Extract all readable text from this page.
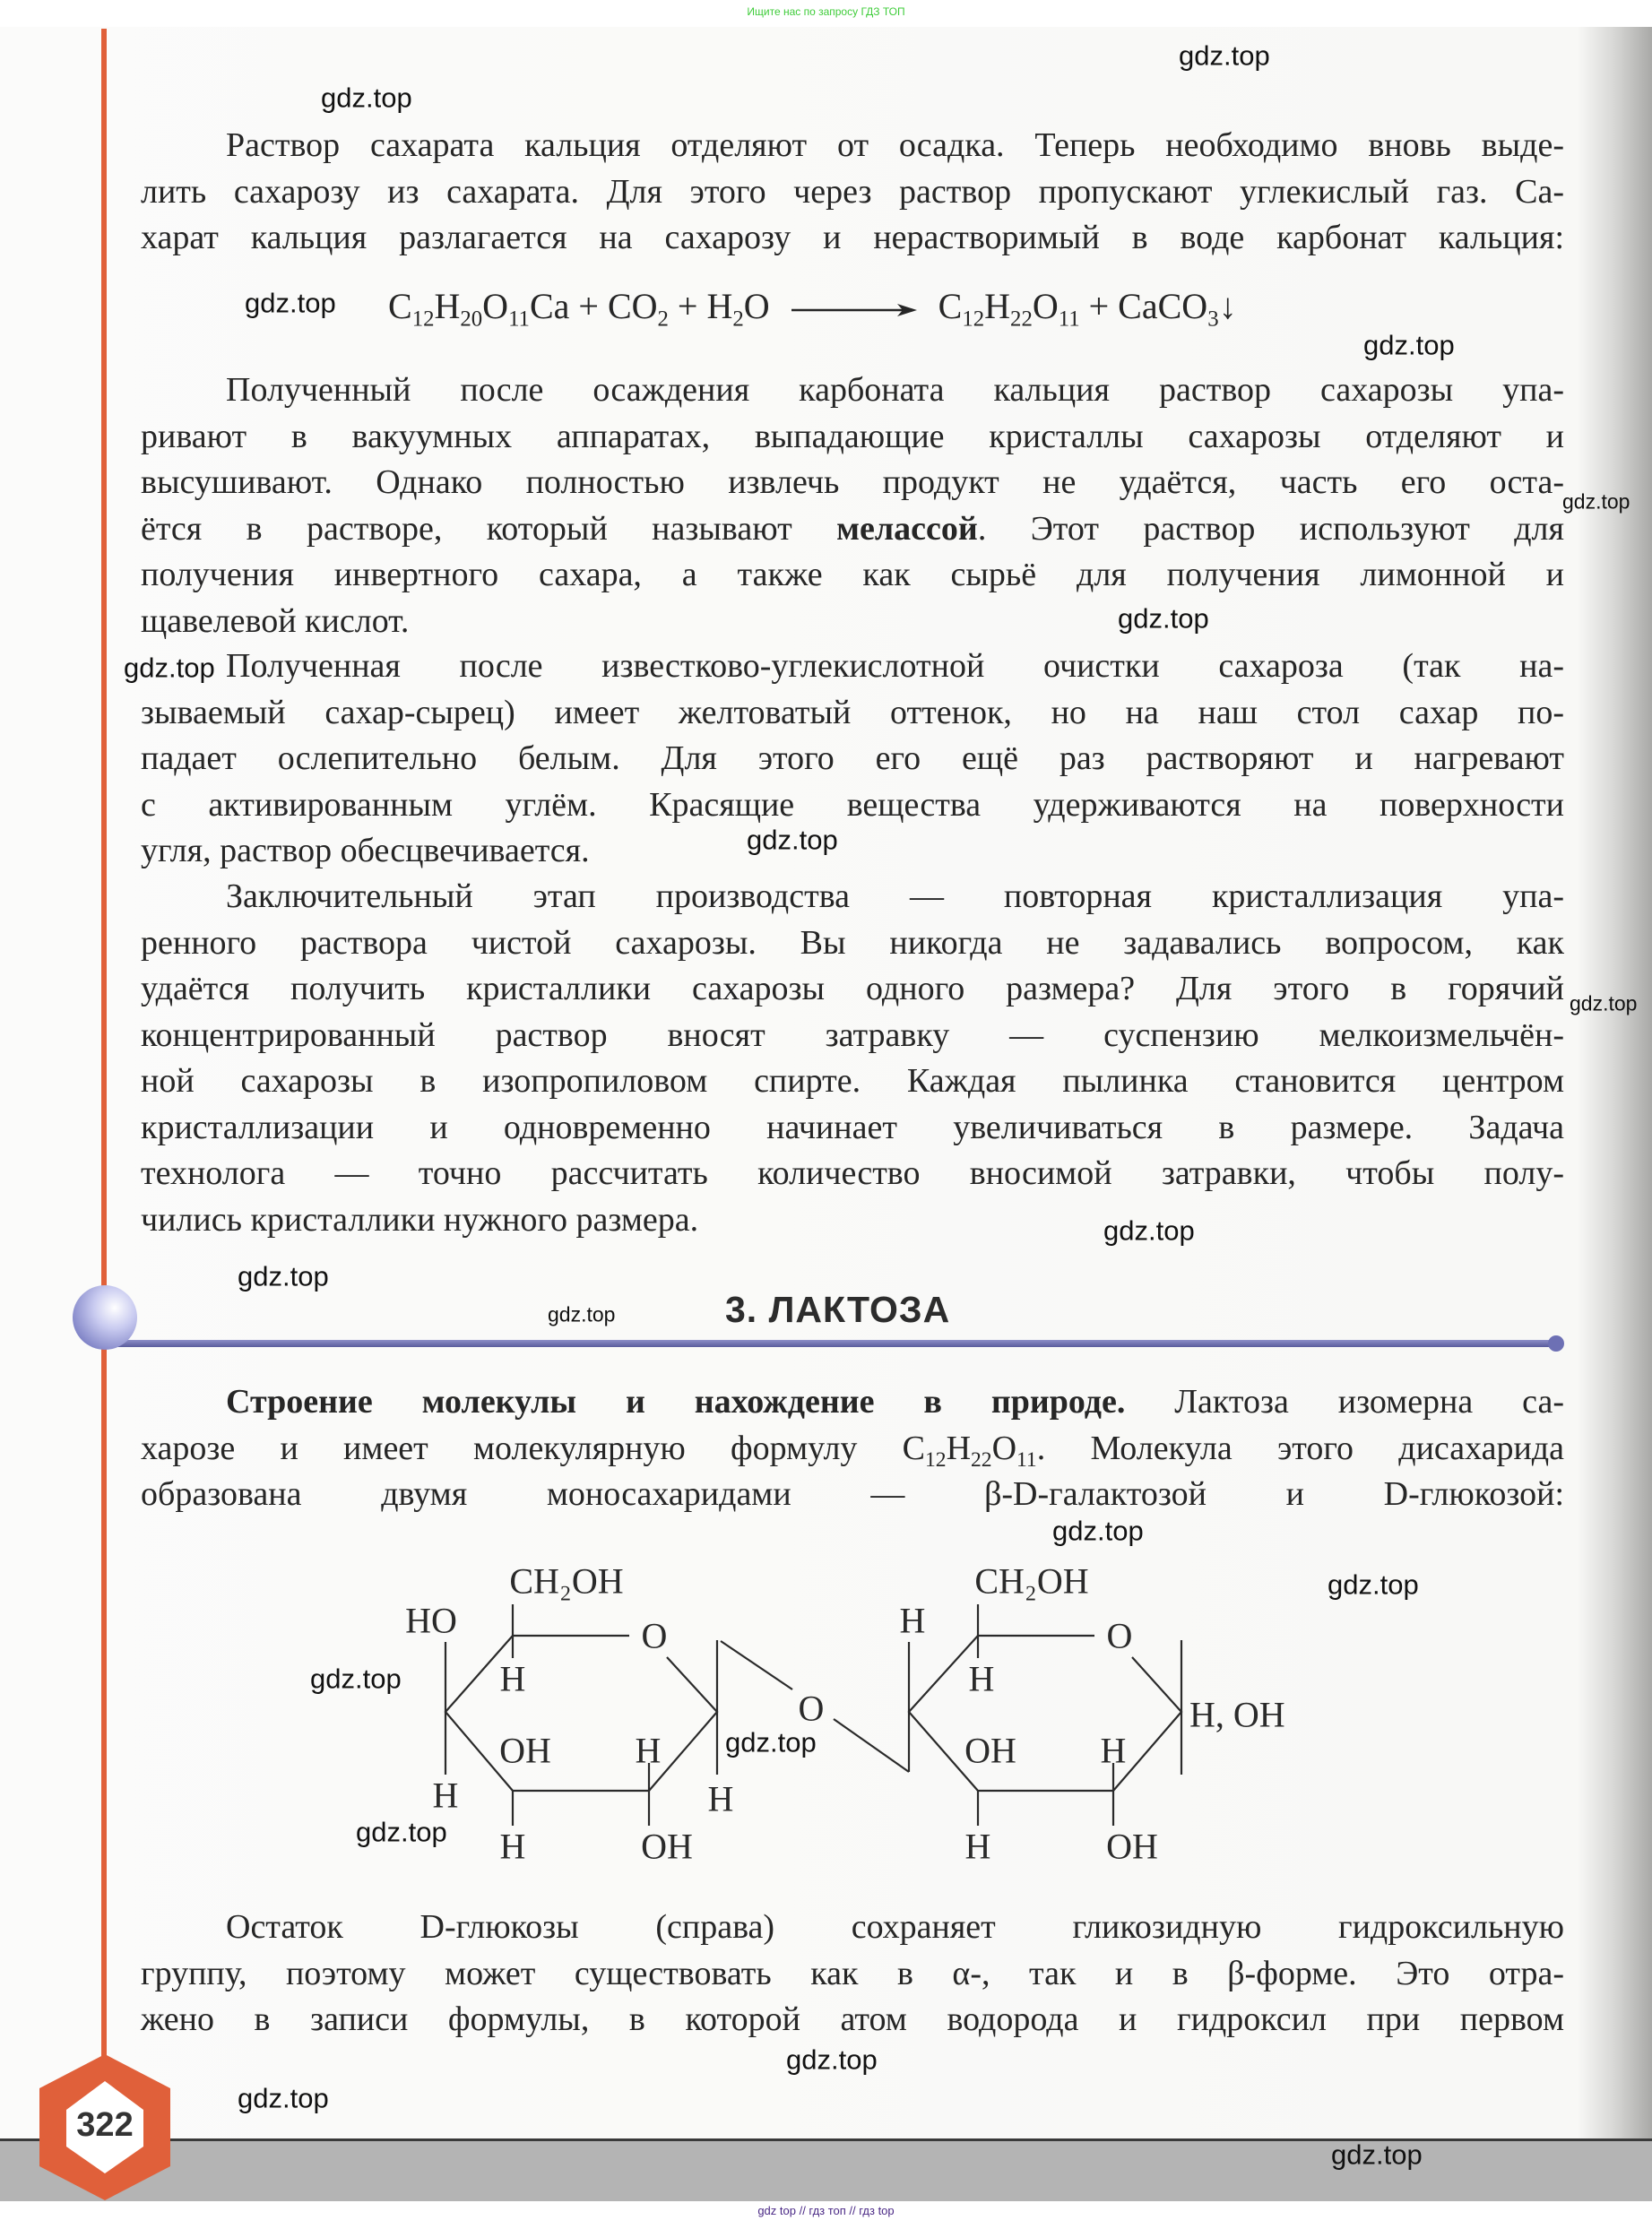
Ищите нас по запросу ГДЗ ТОП
Раствор сахарата кальция отделяют от осадка. Теперь необходимо вновь выде-
лить сахарозу из сахарата. Для этого через раствор пропускают углекислый газ. Са-
харат кальция разлагается на сахарозу и нерастворимый в воде карбонат кальция:
Полученный после осаждения карбоната кальция раствор сахарозы упа-
ривают в вакуумных аппаратах, выпадающие кристаллы сахарозы отделяют и
высушивают. Однако полностью извлечь продукт не удаётся, часть его оста-
ётся в растворе, который называют мелассой. Этот раствор используют для
получения инвертного сахара, а также как сырьё для получения лимонной и
щавелевой кислот.
Полученная после известково-углекислотной очистки сахароза (так на-
зываемый сахар-сырец) имеет желтоватый оттенок, но на наш стол сахар по-
падает ослепительно белым. Для этого его ещё раз растворяют и нагревают
с активированным углём. Красящие вещества удерживаются на поверхности
угля, раствор обесцвечивается.
Заключительный этап производства — повторная кристаллизация упа-
ренного раствора чистой сахарозы. Вы никогда не задавались вопросом, как
удаётся получить кристаллики сахарозы одного размера? Для этого в горячий
концентрированный раствор вносят затравку — суспензию мелкоизмельчён-
ной сахарозы в изопропиловом спирте. Каждая пылинка становится центром
кристаллизации и одновременно начинает увеличиваться в размере. Задача
технолога — точно рассчитать количество вносимой затравки, чтобы полу-
чились кристаллики нужного размера.
Строение молекулы и нахождение в природе. Лактоза изомерна са-
харозе и имеет молекулярную формулу $C_{12}H_{22}O_{11}$. Молекула этого дисахарида
образована двумя моносахаридами — β-D-галактозой и D-глюкозой:
Остаток D-глюкозы (справа) сохраняет гликозидную гидроксильную
группу, поэтому может существовать как в α-, так и в β-форме. Это отра-
жено в записи формулы, в которой атом водорода и гидроксил при первом
$C_{12}H_{20}O_{11}Ca + CO_2 + H_2O$	$C_{12}H_{22}O_{11}$ + CaCO$_3$↓
3. ЛАКТОЗА
CH₂OH
HO	O
H
OH H
H	H
H	OH
O
CH₂OH
H	O
H
OH H
H	OH
H, OH
322
gdz.top
gdz.top
gdz.top
gdz.top
gdz.top
gdz.top
gdz.top
gdz.top
gdz.top
gdz.top
gdz.top
gdz.top
gdz.top
gdz.top
gdz.top
gdz.top
gdz.top
gdz.top
gdz.top
gdz.top
gdz top // гдз топ // гдз top
